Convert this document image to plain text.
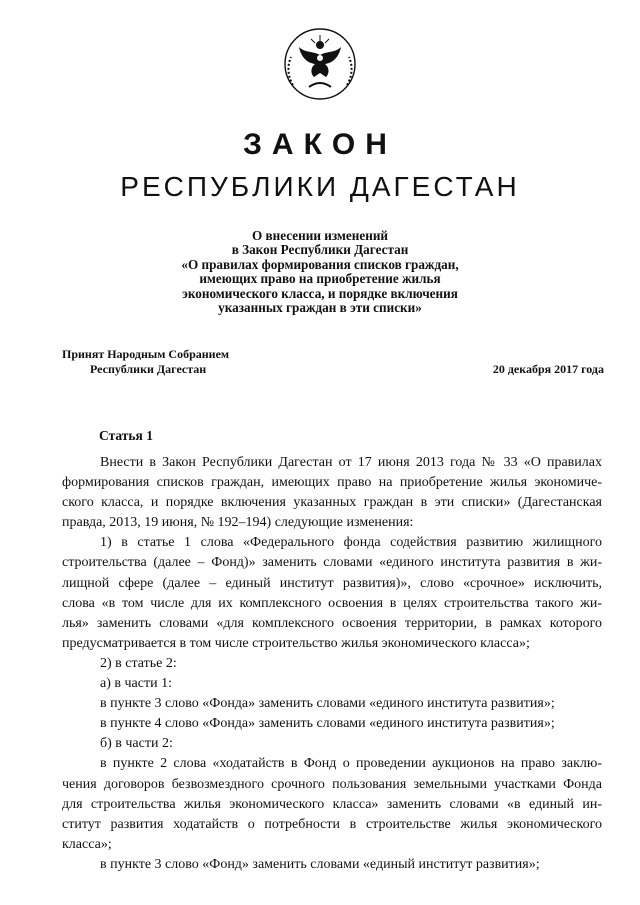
ЗАКОН
РЕСПУБЛИКИ ДАГЕСТАН
О внесении изменений
в Закон Республики Дагестан
«О правилах формирования списков граждан,
имеющих право на приобретение жилья
экономического класса, и порядке включения
указанных граждан в эти списки»
Принят Народным Собранием
Республики Дагестан	20 декабря 2017 года
Статья 1

Внести в Закон Республики Дагестан от 17 июня 2013 года № 33 «О правилах

формирования списков граждан, имеющих право на приобретение жилья экономиче-

ского класса, и порядке включения указанных граждан в эти списки» (Дагестанская

правда, 2013, 19 июня, № 192–194) следующие изменения:

1) в статье 1 слова «Федерального фонда содействия развитию жилищного

строительства (далее – Фонд)» заменить словами «единого института развития в жи-

лищной сфере (далее – единый институт развития)», слово «срочное» исключить,

слова «в том числе для их комплексного освоения в целях строительства такого жи-

лья» заменить словами «для комплексного освоения территории, в рамках которого

предусматривается в том числе строительство жилья экономического класса»;

2) в статье 2:

а) в части 1:

в пункте 3 слово «Фонда» заменить словами «единого института развития»;

в пункте 4 слово «Фонда» заменить словами «единого института развития»;

б) в части 2:

в пункте 2 слова «ходатайств в Фонд о проведении аукционов на право заклю-

чения договоров безвозмездного срочного пользования земельными участками Фонда

для строительства жилья экономического класса» заменить словами «в единый ин-

ститут развития ходатайств о потребности в строительстве жилья экономического

класса»;

в пункте 3 слово «Фонд» заменить словами «единый институт развития»;
